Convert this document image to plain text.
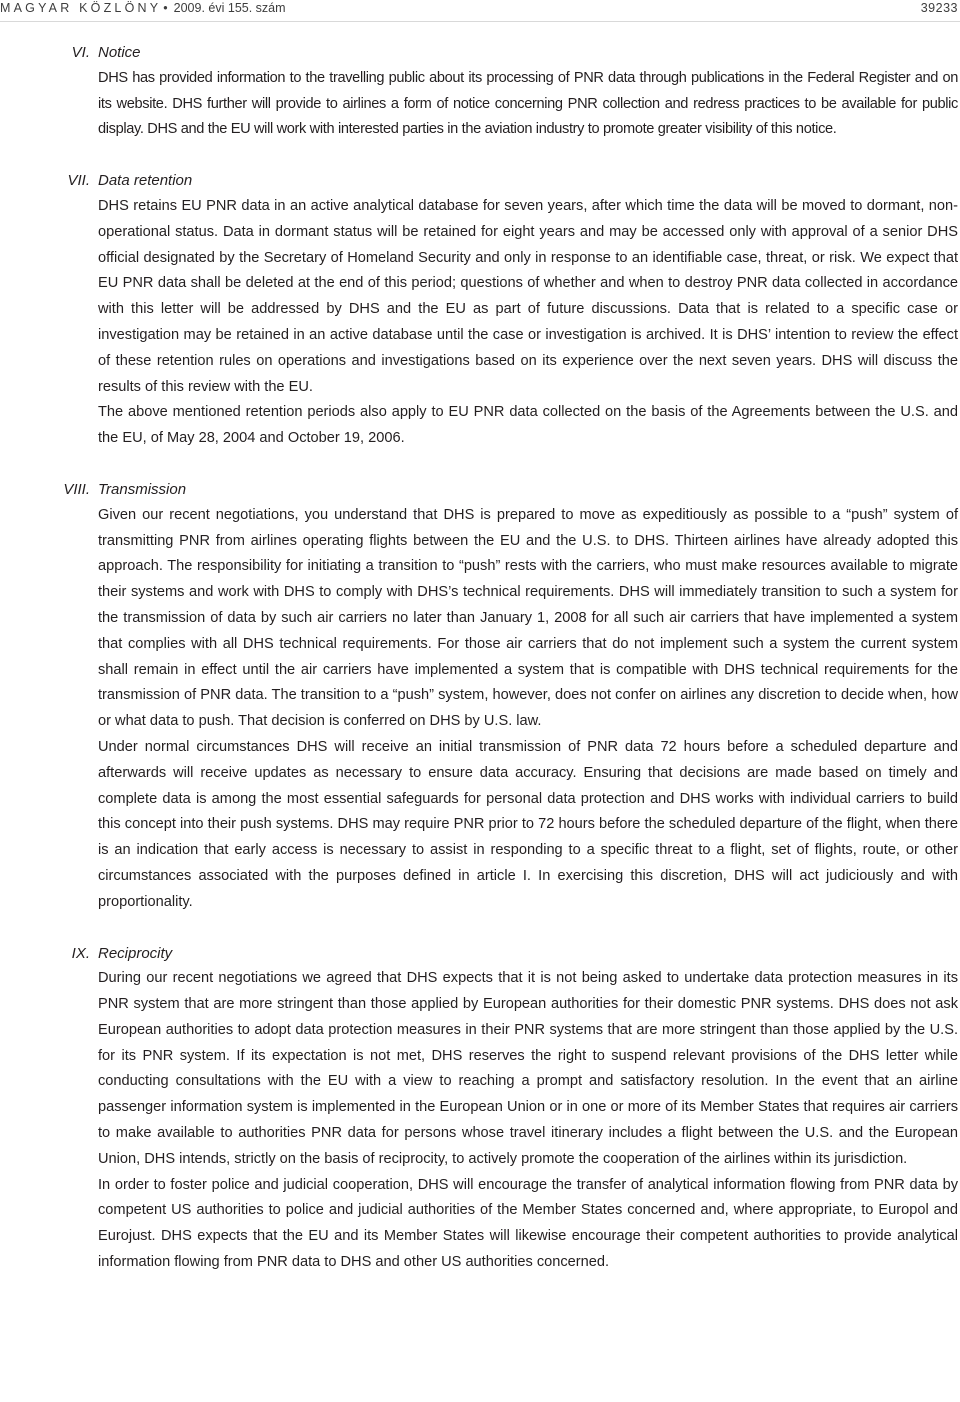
MAGYAR KÖZLÖNY • 2009. évi 155. szám	39233
VI. Notice

DHS has provided information to the travelling public about its processing of PNR data through publications in the Federal Register and on its website. DHS further will provide to airlines a form of notice concerning PNR collection and redress practices to be available for public display. DHS and the EU will work with interested parties in the aviation industry to promote greater visibility of this notice.

VII. Data retention

DHS retains EU PNR data in an active analytical database for seven years, after which time the data will be moved to dormant, non-operational status. Data in dormant status will be retained for eight years and may be accessed only with approval of a senior DHS official designated by the Secretary of Homeland Security and only in response to an identifiable case, threat, or risk. We expect that EU PNR data shall be deleted at the end of this period; questions of whether and when to destroy PNR data collected in accordance with this letter will be addressed by DHS and the EU as part of future discussions. Data that is related to a specific case or investigation may be retained in an active database until the case or investigation is archived. It is DHS’ intention to review the effect of these retention rules on operations and investigations based on its experience over the next seven years. DHS will discuss the results of this review with the EU.

The above mentioned retention periods also apply to EU PNR data collected on the basis of the Agreements between the U.S. and the EU, of May 28, 2004 and October 19, 2006.

VIII. Transmission

Given our recent negotiations, you understand that DHS is prepared to move as expeditiously as possible to a “push” system of transmitting PNR from airlines operating flights between the EU and the U.S. to DHS. Thirteen airlines have already adopted this approach. The responsibility for initiating a transition to “push” rests with the carriers, who must make resources available to migrate their systems and work with DHS to comply with DHS’s technical requirements. DHS will immediately transition to such a system for the transmission of data by such air carriers no later than January 1, 2008 for all such air carriers that have implemented a system that complies with all DHS technical requirements. For those air carriers that do not implement such a system the current system shall remain in effect until the air carriers have implemented a system that is compatible with DHS technical requirements for the transmission of PNR data. The transition to a “push” system, however, does not confer on airlines any discretion to decide when, how or what data to push. That decision is conferred on DHS by U.S. law.

Under normal circumstances DHS will receive an initial transmission of PNR data 72 hours before a scheduled departure and afterwards will receive updates as necessary to ensure data accuracy. Ensuring that decisions are made based on timely and complete data is among the most essential safeguards for personal data protection and DHS works with individual carriers to build this concept into their push systems. DHS may require PNR prior to 72 hours before the scheduled departure of the flight, when there is an indication that early access is necessary to assist in responding to a specific threat to a flight, set of flights, route, or other circumstances associated with the purposes defined in article I. In exercising this discretion, DHS will act judiciously and with proportionality.

IX. Reciprocity

During our recent negotiations we agreed that DHS expects that it is not being asked to undertake data protection measures in its PNR system that are more stringent than those applied by European authorities for their domestic PNR systems. DHS does not ask European authorities to adopt data protection measures in their PNR systems that are more stringent than those applied by the U.S. for its PNR system. If its expectation is not met, DHS reserves the right to suspend relevant provisions of the DHS letter while conducting consultations with the EU with a view to reaching a prompt and satisfactory resolution. In the event that an airline passenger information system is implemented in the European Union or in one or more of its Member States that requires air carriers to make available to authorities PNR data for persons whose travel itinerary includes a flight between the U.S. and the European Union, DHS intends, strictly on the basis of reciprocity, to actively promote the cooperation of the airlines within its jurisdiction.

In order to foster police and judicial cooperation, DHS will encourage the transfer of analytical information flowing from PNR data by competent US authorities to police and judicial authorities of the Member States concerned and, where appropriate, to Europol and Eurojust. DHS expects that the EU and its Member States will likewise encourage their competent authorities to provide analytical information flowing from PNR data to DHS and other US authorities concerned.
